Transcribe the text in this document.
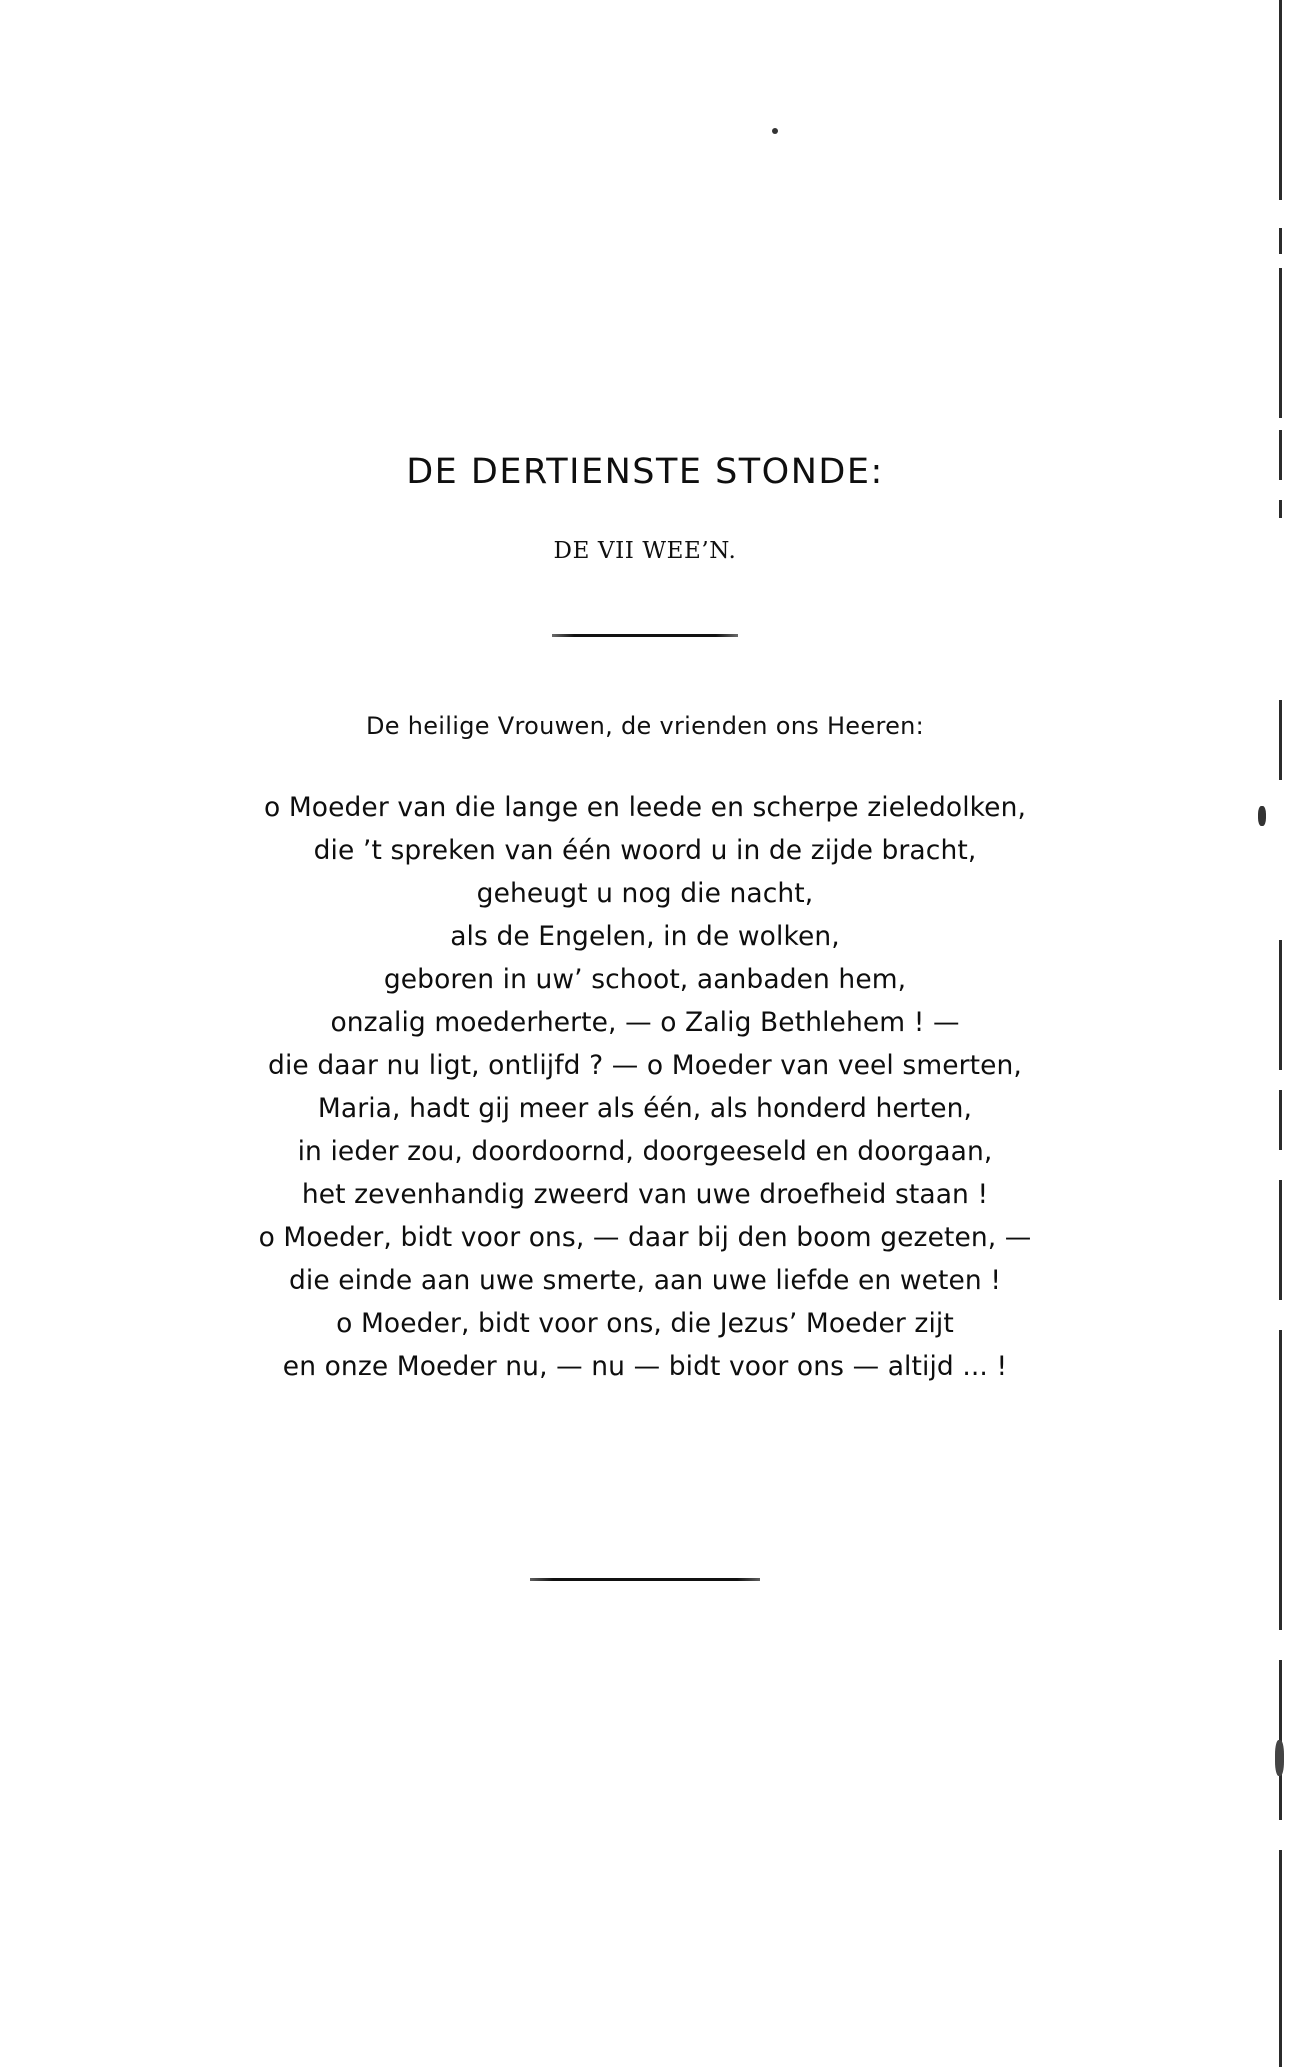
DE DERTIENSTE STONDE:
DE VII WEE’N.
De heilige Vrouwen, de vrienden ons Heeren:
o Moeder van die lange en leede en scherpe zieledolken,
die ’t spreken van één woord u in de zijde bracht,
geheugt u nog die nacht,
als de Engelen, in de wolken,
geboren in uw’ schoot, aanbaden hem,
onzalig moederherte, — o Zalig Bethlehem ! —
die daar nu ligt, ontlijfd ? — o Moeder van veel smerten,
Maria, hadt gij meer als één, als honderd herten,
in ieder zou, doordoornd, doorgeeseld en doorgaan,
het zevenhandig zweerd van uwe droefheid staan !
o Moeder, bidt voor ons, — daar bij den boom gezeten, —
die einde aan uwe smerte, aan uwe liefde en weten !
o Moeder, bidt voor ons, die Jezus’ Moeder zijt
en onze Moeder nu, — nu — bidt voor ons — altijd ... !
